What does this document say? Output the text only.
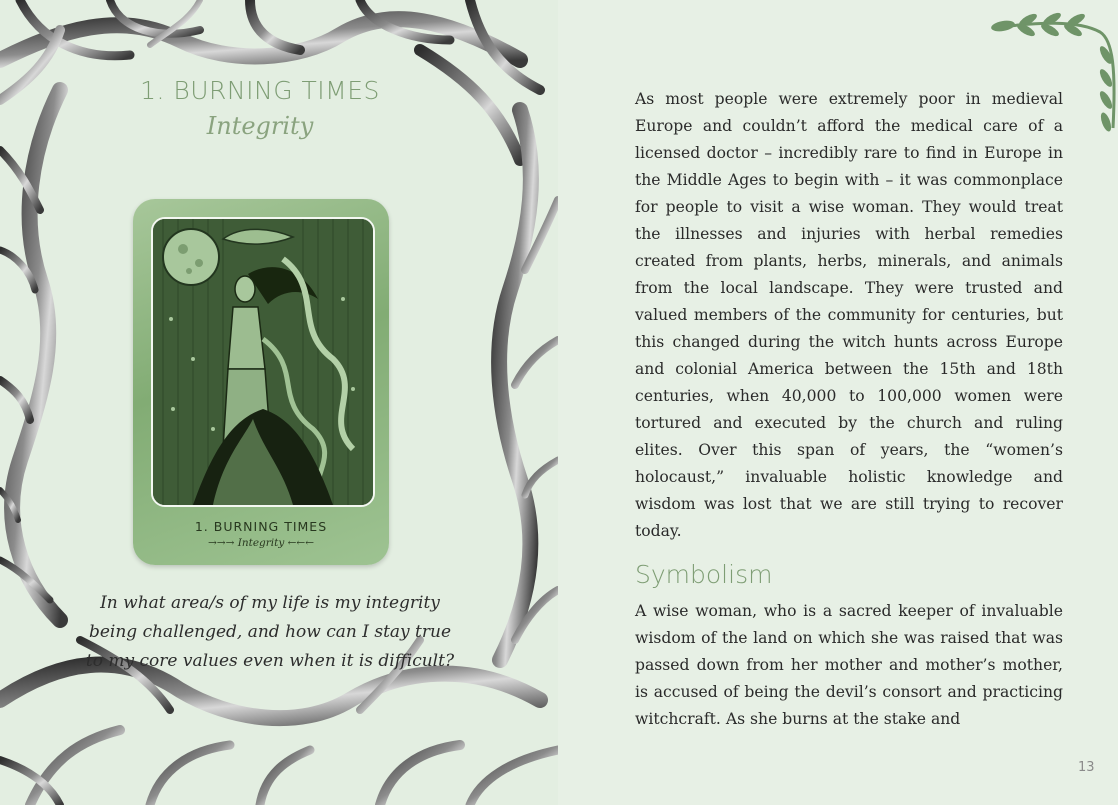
1. BURNING TIMES
Integrity
1. BURNING TIMES
→→→ Integrity ←←←
In what area/s of my life is my integrity being challenged, and how can I stay true to my core values even when it is difficult?
As most people were extremely poor in medieval Europe and couldn’t afford the medical care of a licensed doctor – incredibly rare to find in Europe in the Middle Ages to begin with – it was commonplace for people to visit a wise woman. They would treat the illnesses and injuries with herbal remedies created from plants, herbs, minerals, and animals from the local landscape. They were trusted and valued members of the community for centuries, but this changed during the witch hunts across Europe and colonial America between the 15th and 18th centuries, when 40,000 to 100,000 women were tortured and executed by the church and ruling elites. Over this span of years, the “women’s holocaust,” invaluable holistic knowledge and wisdom was lost that we are still trying to recover today.
Symbolism
A wise woman, who is a sacred keeper of invaluable wisdom of the land on which she was raised that was passed down from her mother and mother’s mother, is accused of being the devil’s consort and practicing witchcraft. As she burns at the stake and
13
